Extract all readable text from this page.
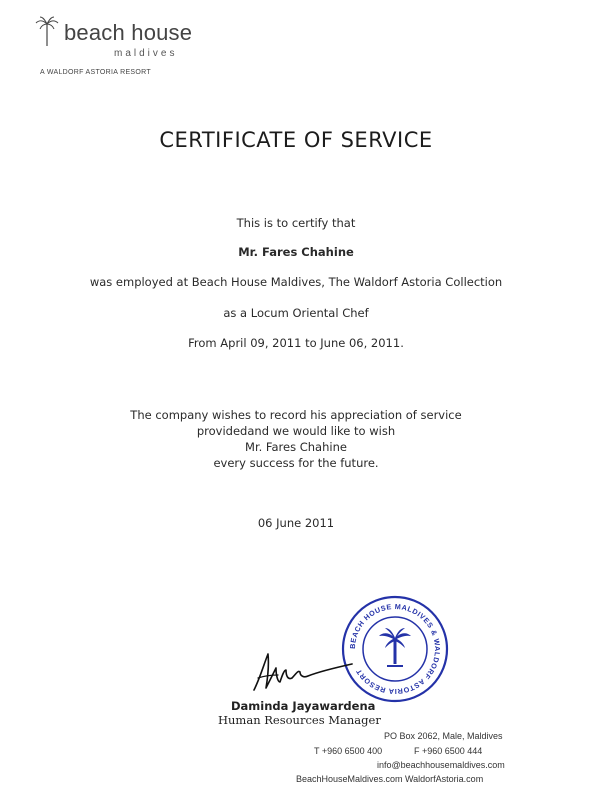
beach house
maldives
A WALDORF ASTORIA RESORT
CERTIFICATE OF SERVICE
This is to certify that
Mr. Fares Chahine
was employed at Beach House Maldives, The Waldorf Astoria Collection
as a Locum Oriental Chef
From April 09, 2011 to June 06, 2011.
The company wishes to record his appreciation of service
providedand we would like to wish
Mr. Fares Chahine
every success for the future.
06 June 2011
BEACH HOUSE MALDIVES & WALDORF ASTORIA RESORT
Daminda Jayawardena
Human Resources Manager
PO Box 2062, Male, Maldives
T +960 6500 400	F +960 6500 444
info@beachhousemaldives.com
BeachHouseMaldives.com WaldorfAstoria.com
